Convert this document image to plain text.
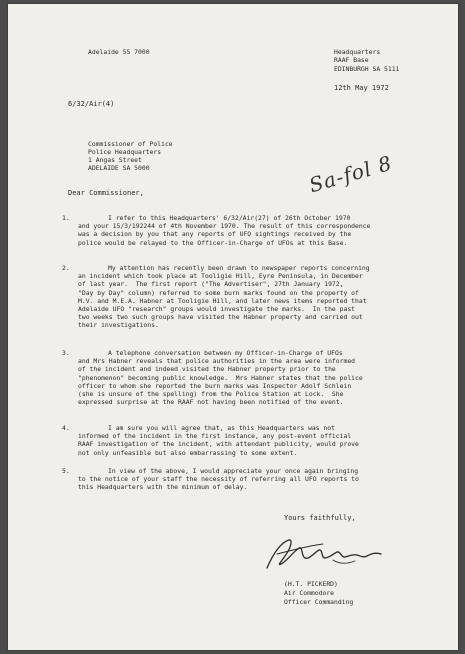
Adelaide 55 7000	Headquarters
RAAF Base
EDINBURGH SA 5111
12th May 1972
6/32/Air(4)
Commissioner of Police
Police Headquarters
1 Angas Street
ADELAIDE SA 5000	Sa-fol 8
Dear Commissioner,
1.	I refer to this Headquarters' 6/32/Air(27) of 26th October 1970
and your 15/3/192244 of 4th November 1970. The result of this correspondence
was a decision by you that any reports of UFO sightings received by the
police would be relayed to the Officer-in-Charge of UFOs at this Base.
2.	My attention has recently been drawn to newspaper reports concerning
an incident which took place at Tooligie Hill, Eyre Peninsula, in December
of last year.  The first report ("The Advertiser", 27th January 1972,
"Day by Day" column) referred to some burn marks found on the property of
M.V. and M.E.A. Habner at Tooligie Hill, and later news items reported that
Adelaide UFO "research" groups would investigate the marks.  In the past
two weeks two such groups have visited the Habner property and carried out
their investigations.
3.	A telephone conversation between my Officer-in-Charge of UFOs
and Mrs Habner reveals that police authorities in the area were informed
of the incident and indeed visited the Habner property prior to the
"phenomenon" becoming public knowledge.  Mrs Habner states that the police
officer to whom she reported the burn marks was Inspector Adolf Schlein
(she is unsure of the spelling) from the Police Station at Lock.  She
expressed surprise at the RAAF not having been notified of the event.
4.	I am sure you will agree that, as this Headquarters was not
informed of the incident in the first instance, any post-event official
RAAF investigation of the incident, with attendant publicity, would prove
not only unfeasible but also embarrassing to some extent.
5.	In view of the above, I would appreciate your once again bringing
to the notice of your staff the necessity of referring all UFO reports to
this Headquarters with the minimum of delay.
Yours faithfully,
(H.T. PICKERD)
Air Commodore
Officer Commanding
